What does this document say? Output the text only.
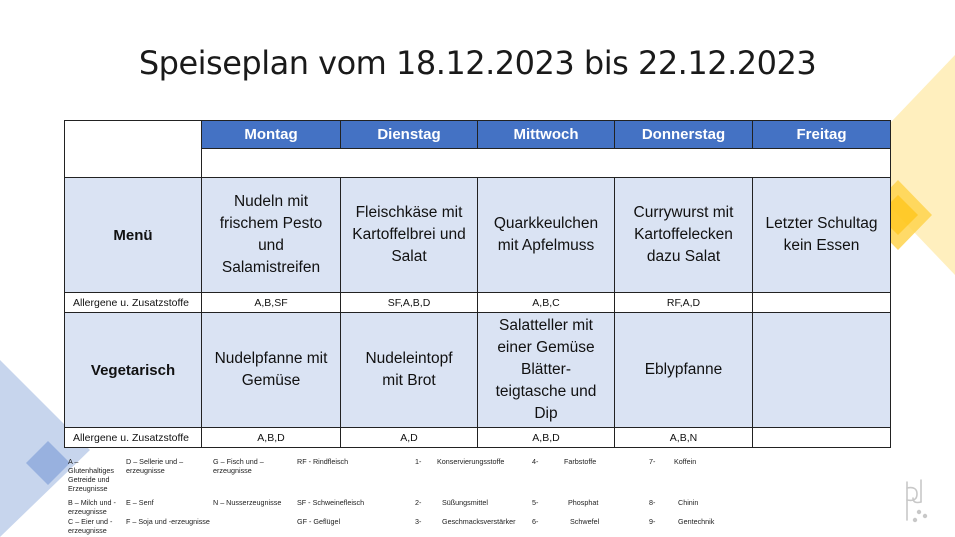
Speiseplan vom 18.12.2023 bis 22.12.2023
	Montag	Dienstag	Mittwoch	Donnerstag	Freitag

Menü	Nudeln mit frischem Pesto und Salamistreifen	Fleischkäse mit Kartoffelbrei und Salat	Quarkkeulchen mit Apfelmuss	Currywurst mit Kartoffelecken dazu Salat	Letzter Schultag kein Essen

Allergene u. Zusatzstoffe	A,B,SF	SF,A,B,D	A,B,C	RF,A,D	
Vegetarisch	Nudelpfanne mit Gemüse	Nudeleintopf mit Brot	Salatteller mit einer Gemüse Blätter-teigtasche und Dip	Eblypfanne	

Allergene u. Zusatzstoffe	A,B,D	A,D	A,B,D	A,B,N	
A – Glutenhaltiges Getreide und Erzeugnisse
B – Milch und -erzeugnisse
C – Eier und -erzeugnisse
D – Sellerie und –erzeugnisse
E – Senf
F – Soja und -erzeugnisse
G – Fisch und –erzeugnisse
N – Nusserzeugnisse
RF - Rindfleisch
SF - Schweinefleisch
GF - Geflügel
1- Konservierungsstoffe
2-	Süßungsmittel
3-	Geschmacksverstärker
4-	Farbstoffe
5-	Phosphat
6-	Schwefel
7-	Koffein
8-	Chinin
9-	Gentechnik
